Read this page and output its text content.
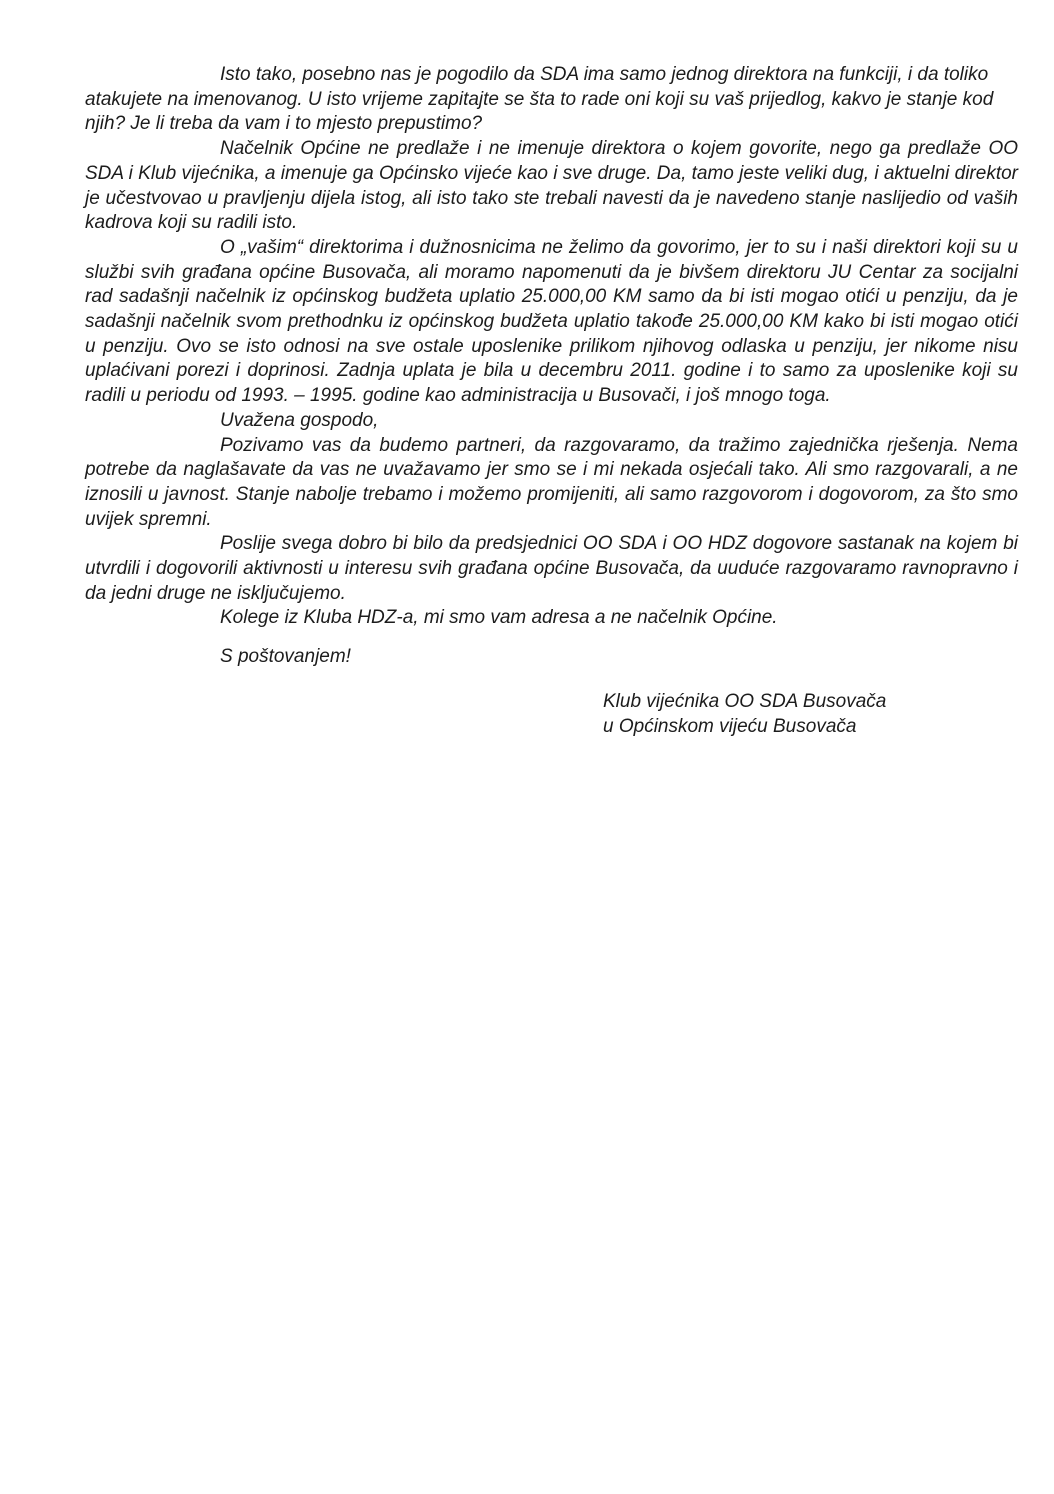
Isto tako, posebno nas je pogodilo da SDA ima samo jednog direktora na funkciji, i da toliko atakujete na imenovanog. U isto vrijeme zapitajte se šta to rade oni koji su vaš prijedlog, kakvo je stanje kod njih? Je li treba da vam i to mjesto prepustimo?

Načelnik Općine ne predlaže i ne imenuje direktora o kojem govorite, nego ga predlaže OO SDA i Klub vijećnika, a imenuje ga Općinsko vijeće kao i sve druge. Da, tamo jeste veliki dug, i aktuelni direktor je učestvovao u pravljenju dijela istog, ali isto tako ste trebali navesti da je navedeno stanje naslijedio od vaših kadrova koji su radili isto.

O „vašim“ direktorima i dužnosnicima ne želimo da govorimo, jer to su i naši direktori koji su u službi svih građana općine Busovača, ali moramo napomenuti da je bivšem direktoru JU Centar za socijalni rad sadašnji načelnik iz općinskog budžeta uplatio 25.000,00 KM samo da bi isti mogao otići u penziju, da je sadašnji načelnik svom prethodnku iz općinskog budžeta uplatio takođe 25.000,00 KM kako bi isti mogao otići u penziju. Ovo se isto odnosi na sve ostale uposlenike prilikom njihovog odlaska u penziju, jer nikome nisu uplaćivani porezi i doprinosi. Zadnja uplata je bila u decembru 2011. godine i to samo za uposlenike koji su radili u periodu od 1993. – 1995. godine kao administracija u Busovači, i još mnogo toga.

Uvažena gospodo,

Pozivamo vas da budemo partneri, da razgovaramo, da tražimo zajednička rješenja. Nema potrebe da naglašavate da vas ne uvažavamo jer smo se i mi nekada osjećali tako. Ali smo razgovarali, a ne iznosili u javnost. Stanje nabolje trebamo i možemo promijeniti, ali samo razgovorom i dogovorom, za što smo uvijek spremni.

Poslije svega dobro bi bilo da predsjednici OO SDA i OO HDZ dogovore sastanak na kojem bi utvrdili i dogovorili aktivnosti u interesu svih građana općine Busovača, da uuduće razgovaramo ravnopravno i da jedni druge ne isključujemo.

Kolege iz Kluba HDZ-a, mi smo vam adresa a ne načelnik Općine.

S poštovanjem!

Klub vijećnika OO SDA Busovača

u Općinskom vijeću Busovača
